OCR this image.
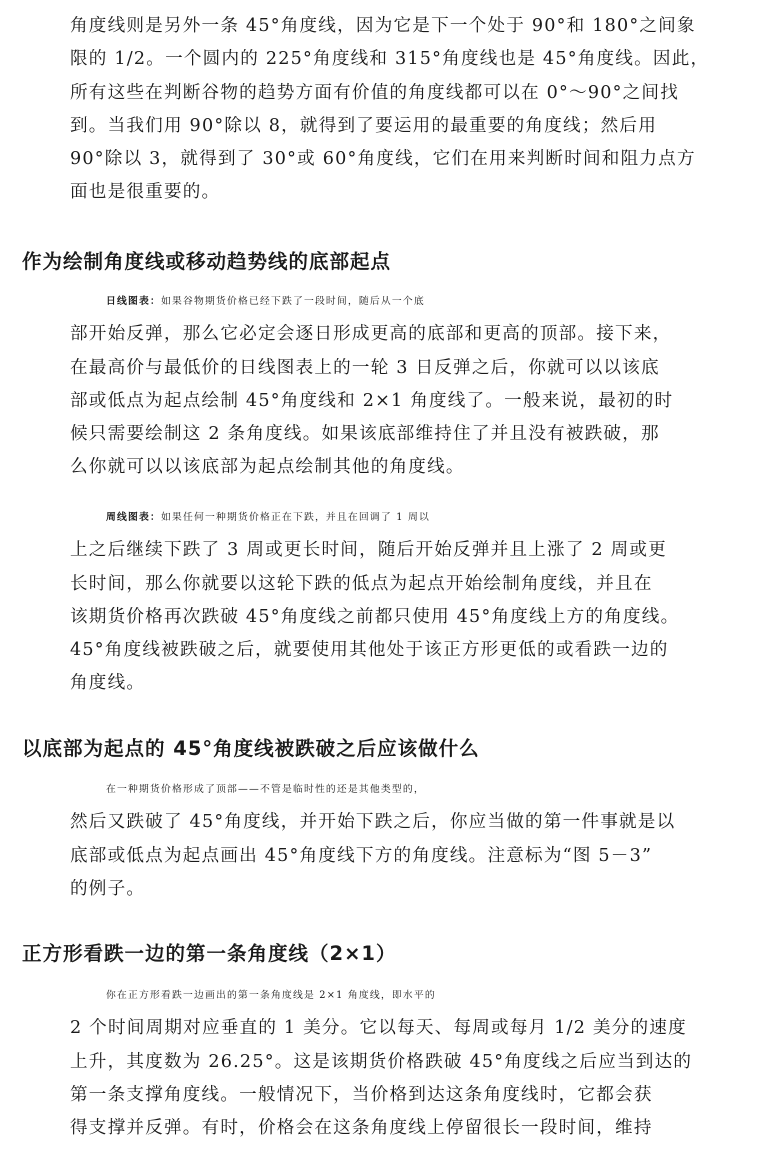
角度线则是另外一条 45°角度线，因为它是下一个处于 90°和 180°之间象
限的 1/2。一个圆内的 225°角度线和 315°角度线也是 45°角度线。因此，
所有这些在判断谷物的趋势方面有价值的角度线都可以在 0°～90°之间找
到。当我们用 90°除以 8，就得到了要运用的最重要的角度线；然后用
90°除以 3，就得到了 30°或 60°角度线，它们在用来判断时间和阻力点方
面也是很重要的。

作为绘制角度线或移动趋势线的底部起点

日线图表：如果谷物期货价格已经下跌了一段时间，随后从一个底
部开始反弹，那么它必定会逐日形成更高的底部和更高的顶部。接下来，
在最高价与最低价的日线图表上的一轮 3 日反弹之后，你就可以以该底
部或低点为起点绘制 45°角度线和 2×1 角度线了。一般来说，最初的时
候只需要绘制这 2 条角度线。如果该底部维持住了并且没有被跌破，那
么你就可以以该底部为起点绘制其他的角度线。

周线图表：如果任何一种期货价格正在下跌，并且在回调了 1 周以
上之后继续下跌了 3 周或更长时间，随后开始反弹并且上涨了 2 周或更
长时间，那么你就要以这轮下跌的低点为起点开始绘制角度线，并且在
该期货价格再次跌破 45°角度线之前都只使用 45°角度线上方的角度线。
45°角度线被跌破之后，就要使用其他处于该正方形更低的或看跌一边的
角度线。

以底部为起点的 45°角度线被跌破之后应该做什么

在一种期货价格形成了顶部——不管是临时性的还是其他类型的，
然后又跌破了 45°角度线，并开始下跌之后，你应当做的第一件事就是以
底部或低点为起点画出 45°角度线下方的角度线。注意标为“图 5－3”
的例子。

正方形看跌一边的第一条角度线（2×1）

你在正方形看跌一边画出的第一条角度线是 2×1 角度线，即水平的
2 个时间周期对应垂直的 1 美分。它以每天、每周或每月 1/2 美分的速度
上升，其度数为 26.25°。这是该期货价格跌破 45°角度线之后应当到达的
第一条支撑角度线。一般情况下，当价格到达这条角度线时，它都会获
得支撑并反弹。有时，价格会在这条角度线上停留很长一段时间，维持
